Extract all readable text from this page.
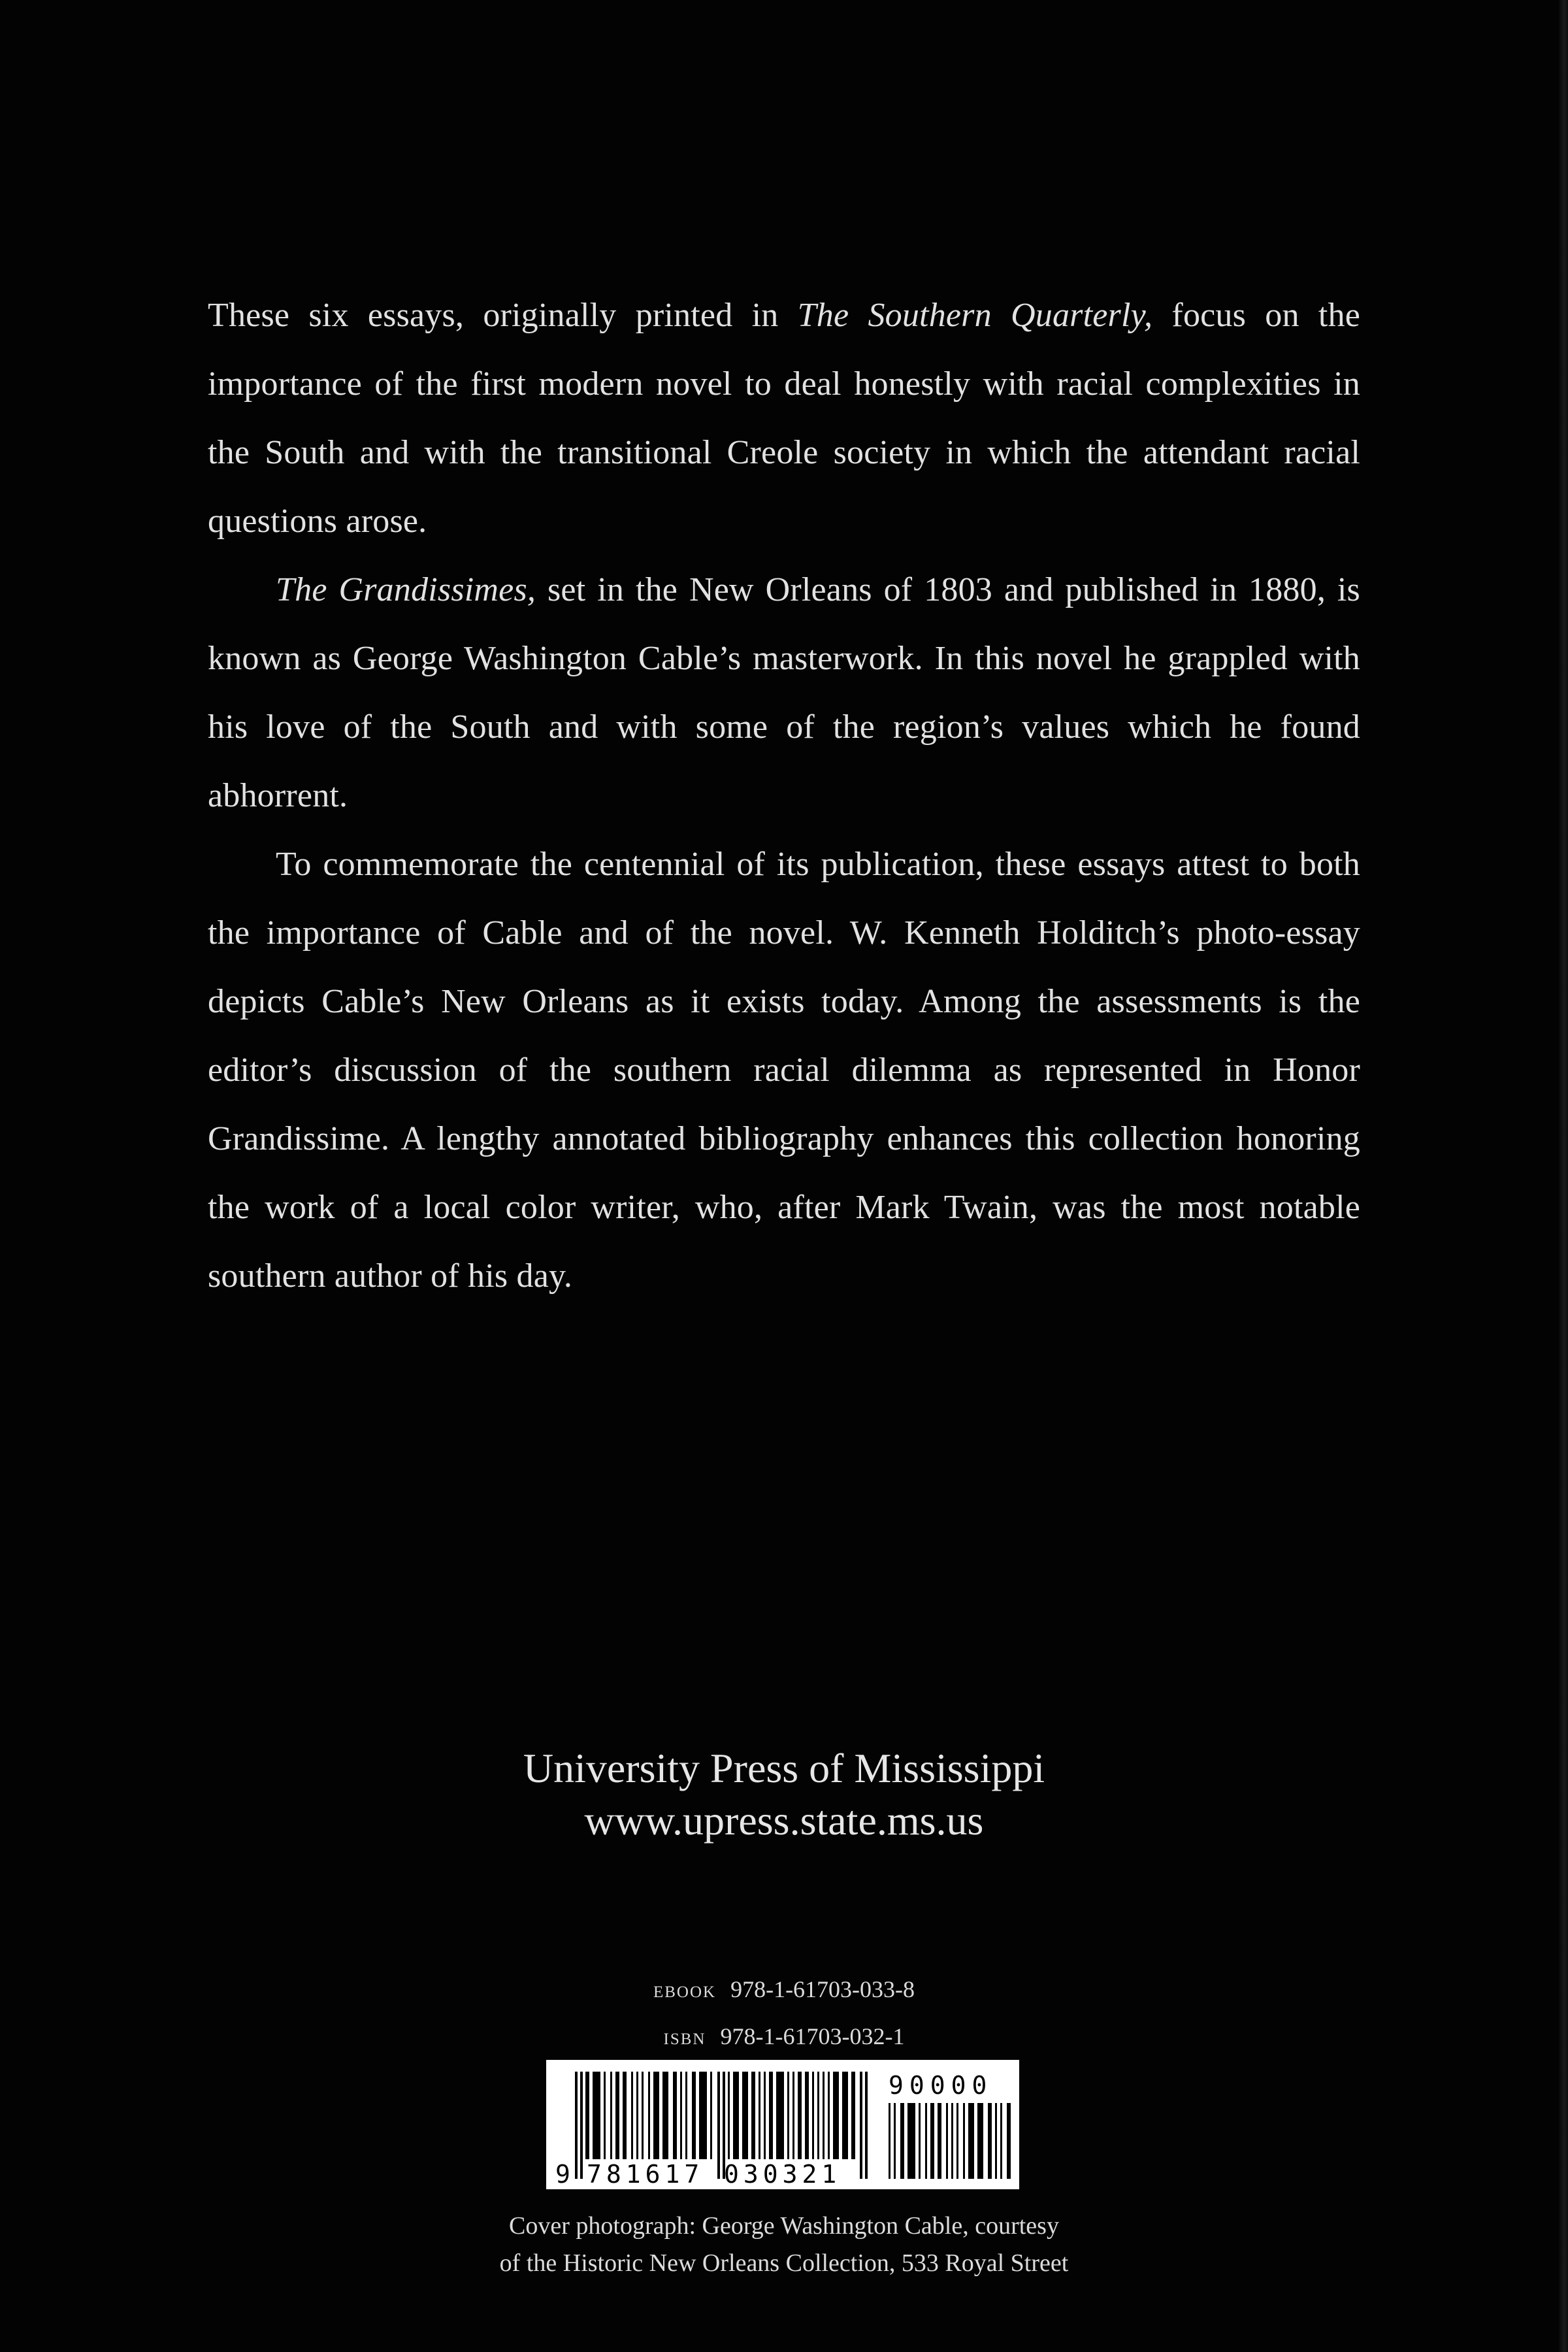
These six essays, originally printed in The Southern Quarterly, focus on the importance of the first modern novel to deal honestly with racial complexities in the South and with the transitional Creole society in which the attendant racial questions arose.

The Grandissimes, set in the New Orleans of 1803 and published in 1880, is known as George Washington Cable’s masterwork. In this novel he grappled with his love of the South and with some of the region’s values which he found abhorrent.

To commemorate the centennial of its publication, these essays attest to both the importance of Cable and of the novel. W. Kenneth Holditch’s photo-essay depicts Cable’s New Orleans as it exists today. Among the assessments is the editor’s discussion of the southern racial dilemma as represented in Honor Grandissime. A lengthy annotated bibliography enhances this collection honoring the work of a local color writer, who, after Mark Twain, was the most notable southern author of his day.

University Press of Mississippi
www.upress.state.ms.us
ebook 978-1-61703-033-8
isbn 978-1-61703-032-1
9 781617 030321
90000
Cover photograph: George Washington Cable, courtesy
of the Historic New Orleans Collection, 533 Royal Street
